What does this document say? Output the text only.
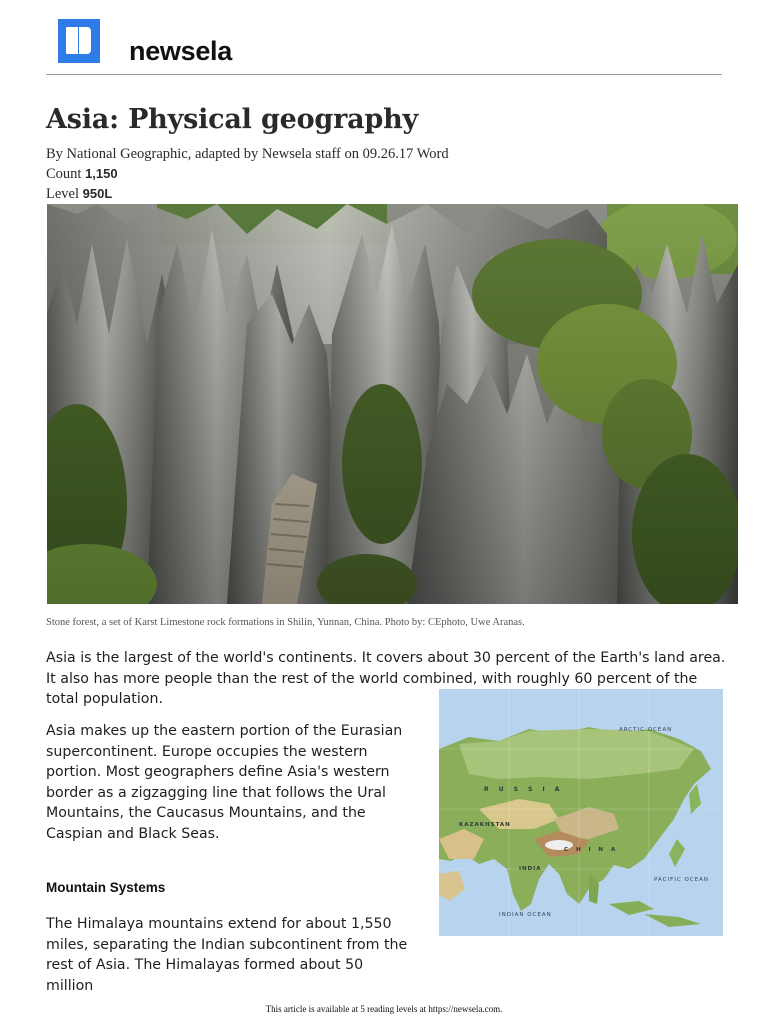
newsela
Asia: Physical geography
By National Geographic, adapted by Newsela staff on 09.26.17 Word
Count 1,150
Level 950L
Stone forest, a set of Karst Limestone rock formations in Shilin, Yunnan, China. Photo by: CEphoto, Uwe Aranas.

Asia is the largest of the world's continents. It covers about 30 percent of the Earth's land area. It also has more people than the rest of the world combined, with roughly 60 percent of the total population.

Asia makes up the eastern portion of the Eurasian supercontinent. Europe occupies the western portion. Most geographers define Asia's western border as a zigzagging line that follows the Ural Mountains, the Caucasus Mountains, and the Caspian and Black Seas.

Mountain Systems

The Himalaya mountains extend for about 1,550 miles, separating the Indian subcontinent from the rest of Asia. The Himalayas formed about 50 million

ARCTIC OCEAN
R U S S I A
KAZAKHSTAN
C H I N A
INDIA
INDIAN OCEAN
PACIFIC OCEAN
This article is available at 5 reading levels at https://newsela.com.
